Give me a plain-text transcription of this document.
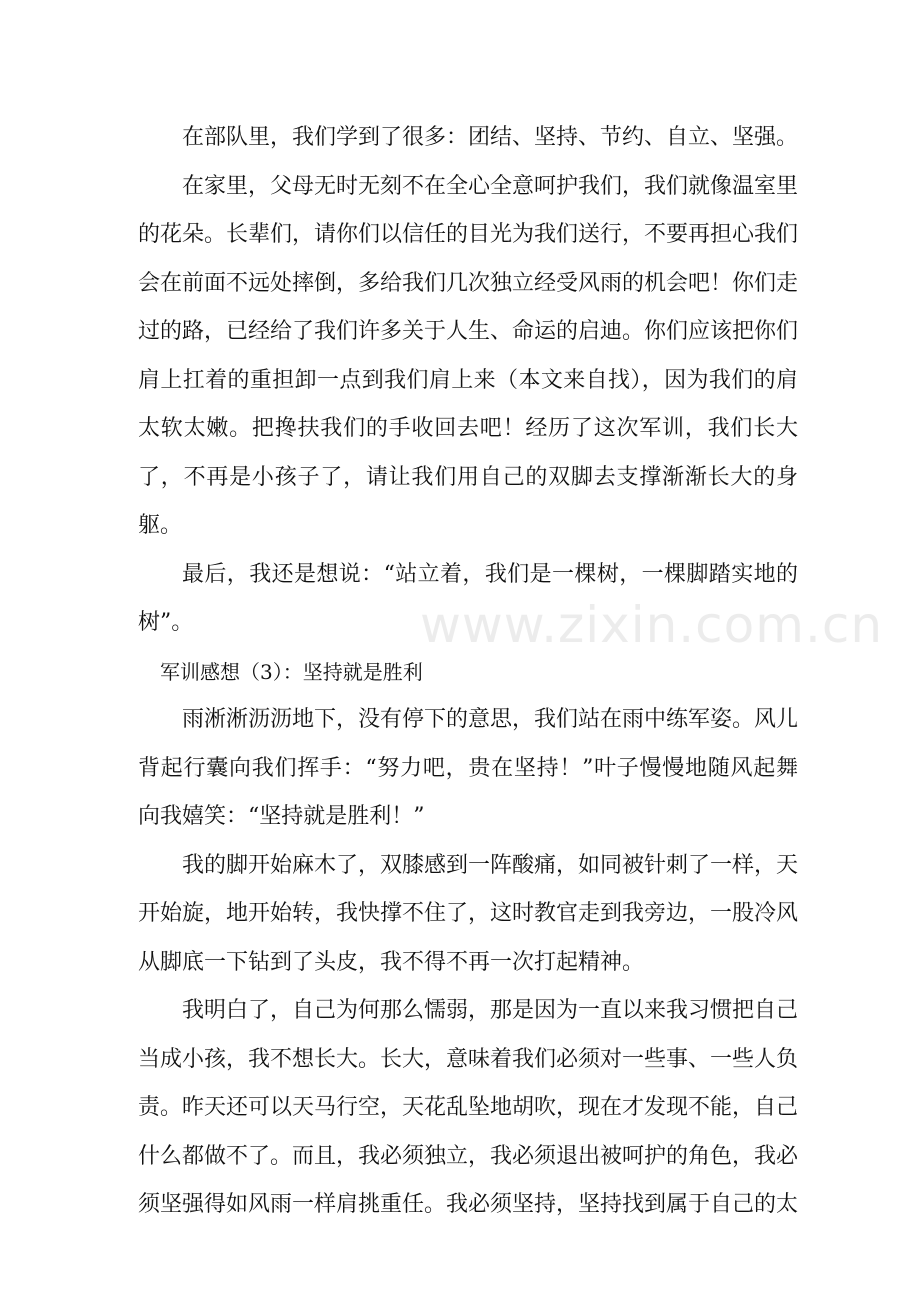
在部队里，我们学到了很多：团结、坚持、节约、自立、坚强。

在家里，父母无时无刻不在全心全意呵护我们，我们就像温室里的花朵。长辈们，请你们以信任的目光为我们送行，不要再担心我们会在前面不远处摔倒，多给我们几次独立经受风雨的机会吧！你们走过的路，已经给了我们许多关于人生、命运的启迪。你们应该把你们肩上扛着的重担卸一点到我们肩上来（本文来自找），因为我们的肩太软太嫩。把搀扶我们的手收回去吧！经历了这次军训，我们长大了，不再是小孩子了，请让我们用自己的双脚去支撑渐渐长大的身躯。

最后，我还是想说：“站立着，我们是一棵树，一棵脚踏实地的树”。

军训感想（3）：坚持就是胜利

雨淅淅沥沥地下，没有停下的意思，我们站在雨中练军姿。风儿背起行囊向我们挥手：“努力吧，贵在坚持！”叶子慢慢地随风起舞向我嬉笑：“坚持就是胜利！”

我的脚开始麻木了，双膝感到一阵酸痛，如同被针刺了一样，天开始旋，地开始转，我快撑不住了，这时教官走到我旁边，一股冷风从脚底一下钻到了头皮，我不得不再一次打起精神。

我明白了，自己为何那么懦弱，那是因为一直以来我习惯把自己当成小孩，我不想长大。长大，意味着我们必须对一些事、一些人负责。昨天还可以天马行空，天花乱坠地胡吹，现在才发现不能，自己什么都做不了。而且，我必须独立，我必须退出被呵护的角色，我必须坚强得如风雨一样肩挑重任。我必须坚持，坚持找到属于自己的太

www.zixin.com.cn
